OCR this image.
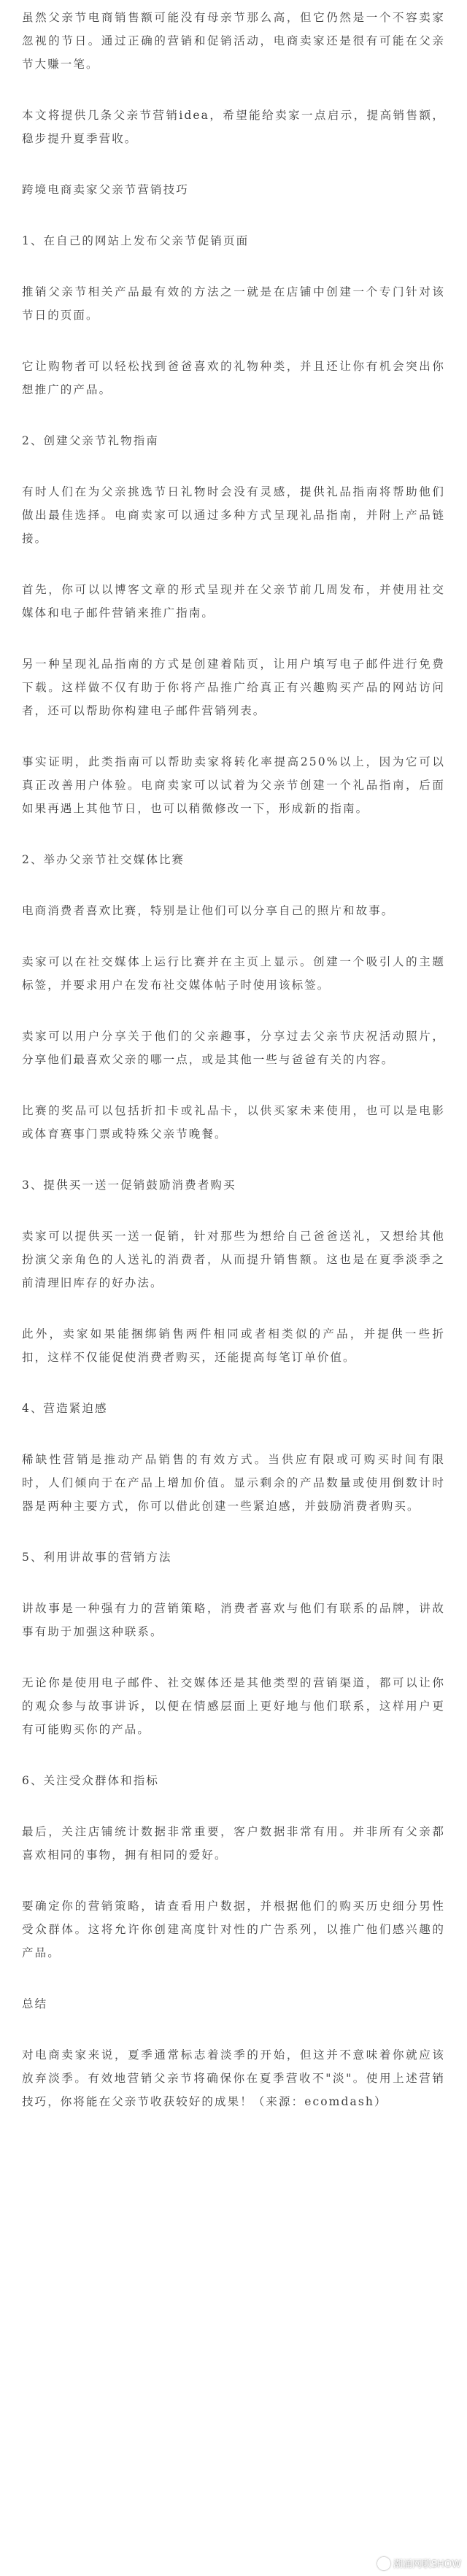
虽然父亲节电商销售额可能没有母亲节那么高，但它仍然是一个不容卖家忽视的节日。通过正确的营销和促销活动，电商卖家还是很有可能在父亲节大赚一笔。

本文将提供几条父亲节营销idea，希望能给卖家一点启示，提高销售额，稳步提升夏季营收。

跨境电商卖家父亲节营销技巧

1、在自己的网站上发布父亲节促销页面

推销父亲节相关产品最有效的方法之一就是在店铺中创建一个专门针对该节日的页面。

它让购物者可以轻松找到爸爸喜欢的礼物种类，并且还让你有机会突出你想推广的产品。

2、创建父亲节礼物指南

有时人们在为父亲挑选节日礼物时会没有灵感，提供礼品指南将帮助他们做出最佳选择。电商卖家可以通过多种方式呈现礼品指南，并附上产品链接。

首先，你可以以博客文章的形式呈现并在父亲节前几周发布，并使用社交媒体和电子邮件营销来推广指南。

另一种呈现礼品指南的方式是创建着陆页，让用户填写电子邮件进行免费下载。这样做不仅有助于你将产品推广给真正有兴趣购买产品的网站访问者，还可以帮助你构建电子邮件营销列表。

事实证明，此类指南可以帮助卖家将转化率提高250%以上，因为它可以真正改善用户体验。电商卖家可以试着为父亲节创建一个礼品指南，后面如果再遇上其他节日，也可以稍微修改一下，形成新的指南。

2、举办父亲节社交媒体比赛

电商消费者喜欢比赛，特别是让他们可以分享自己的照片和故事。

卖家可以在社交媒体上运行比赛并在主页上显示。创建一个吸引人的主题标签，并要求用户在发布社交媒体帖子时使用该标签。

卖家可以用户分享关于他们的父亲趣事，分享过去父亲节庆祝活动照片，分享他们最喜欢父亲的哪一点，或是其他一些与爸爸有关的内容。

比赛的奖品可以包括折扣卡或礼品卡，以供买家未来使用，也可以是电影或体育赛事门票或特殊父亲节晚餐。

3、提供买一送一促销鼓励消费者购买

卖家可以提供买一送一促销，针对那些为想给自己爸爸送礼，又想给其他扮演父亲角色的人送礼的消费者，从而提升销售额。这也是在夏季淡季之前清理旧库存的好办法。

此外，卖家如果能捆绑销售两件相同或者相类似的产品，并提供一些折扣，这样不仅能促使消费者购买，还能提高每笔订单价值。

4、营造紧迫感

稀缺性营销是推动产品销售的有效方式。当供应有限或可购买时间有限时，人们倾向于在产品上增加价值。显示剩余的产品数量或使用倒数计时器是两种主要方式，你可以借此创建一些紧迫感，并鼓励消费者购买。

5、利用讲故事的营销方法

讲故事是一种强有力的营销策略，消费者喜欢与他们有联系的品牌，讲故事有助于加强这种联系。

无论你是使用电子邮件、社交媒体还是其他类型的营销渠道，都可以让你的观众参与故事讲诉，以便在情感层面上更好地与他们联系，这样用户更有可能购买你的产品。

6、关注受众群体和指标

最后，关注店铺统计数据非常重要，客户数据非常有用。并非所有父亲都喜欢相同的事物，拥有相同的爱好。

要确定你的营销策略，请查看用户数据，并根据他们的购买历史细分男性受众群体。这将允许你创建高度针对性的广告系列，以推广他们感兴趣的产品。

总结

对电商卖家来说，夏季通常标志着淡季的开始，但这并不意味着你就应该放弃淡季。有效地营销父亲节将确保你在夏季营收不"淡"。使用上述营销技巧，你将能在父亲节收获较好的成果！（来源：ecomdash）

潮涌网联SHOW
